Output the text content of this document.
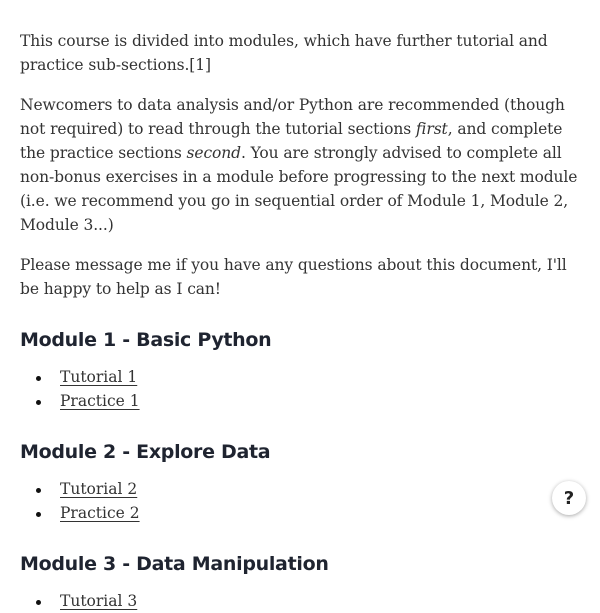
This course is divided into modules, which have further tutorial and practice sub-sections.[1]

Newcomers to data analysis and/or Python are recommended (though not required) to read through the tutorial sections first, and complete the practice sections second. You are strongly advised to complete all non-bonus exercises in a module before progressing to the next module (i.e. we recommend you go in sequential order of Module 1, Module 2, Module 3...)

Please message me if you have any questions about this document, I'll be happy to help as I can!

Module 1 - Basic Python
Tutorial 1
Practice 1
Module 2 - Explore Data
Tutorial 2
Practice 2
Module 3 - Data Manipulation
Tutorial 3
?
